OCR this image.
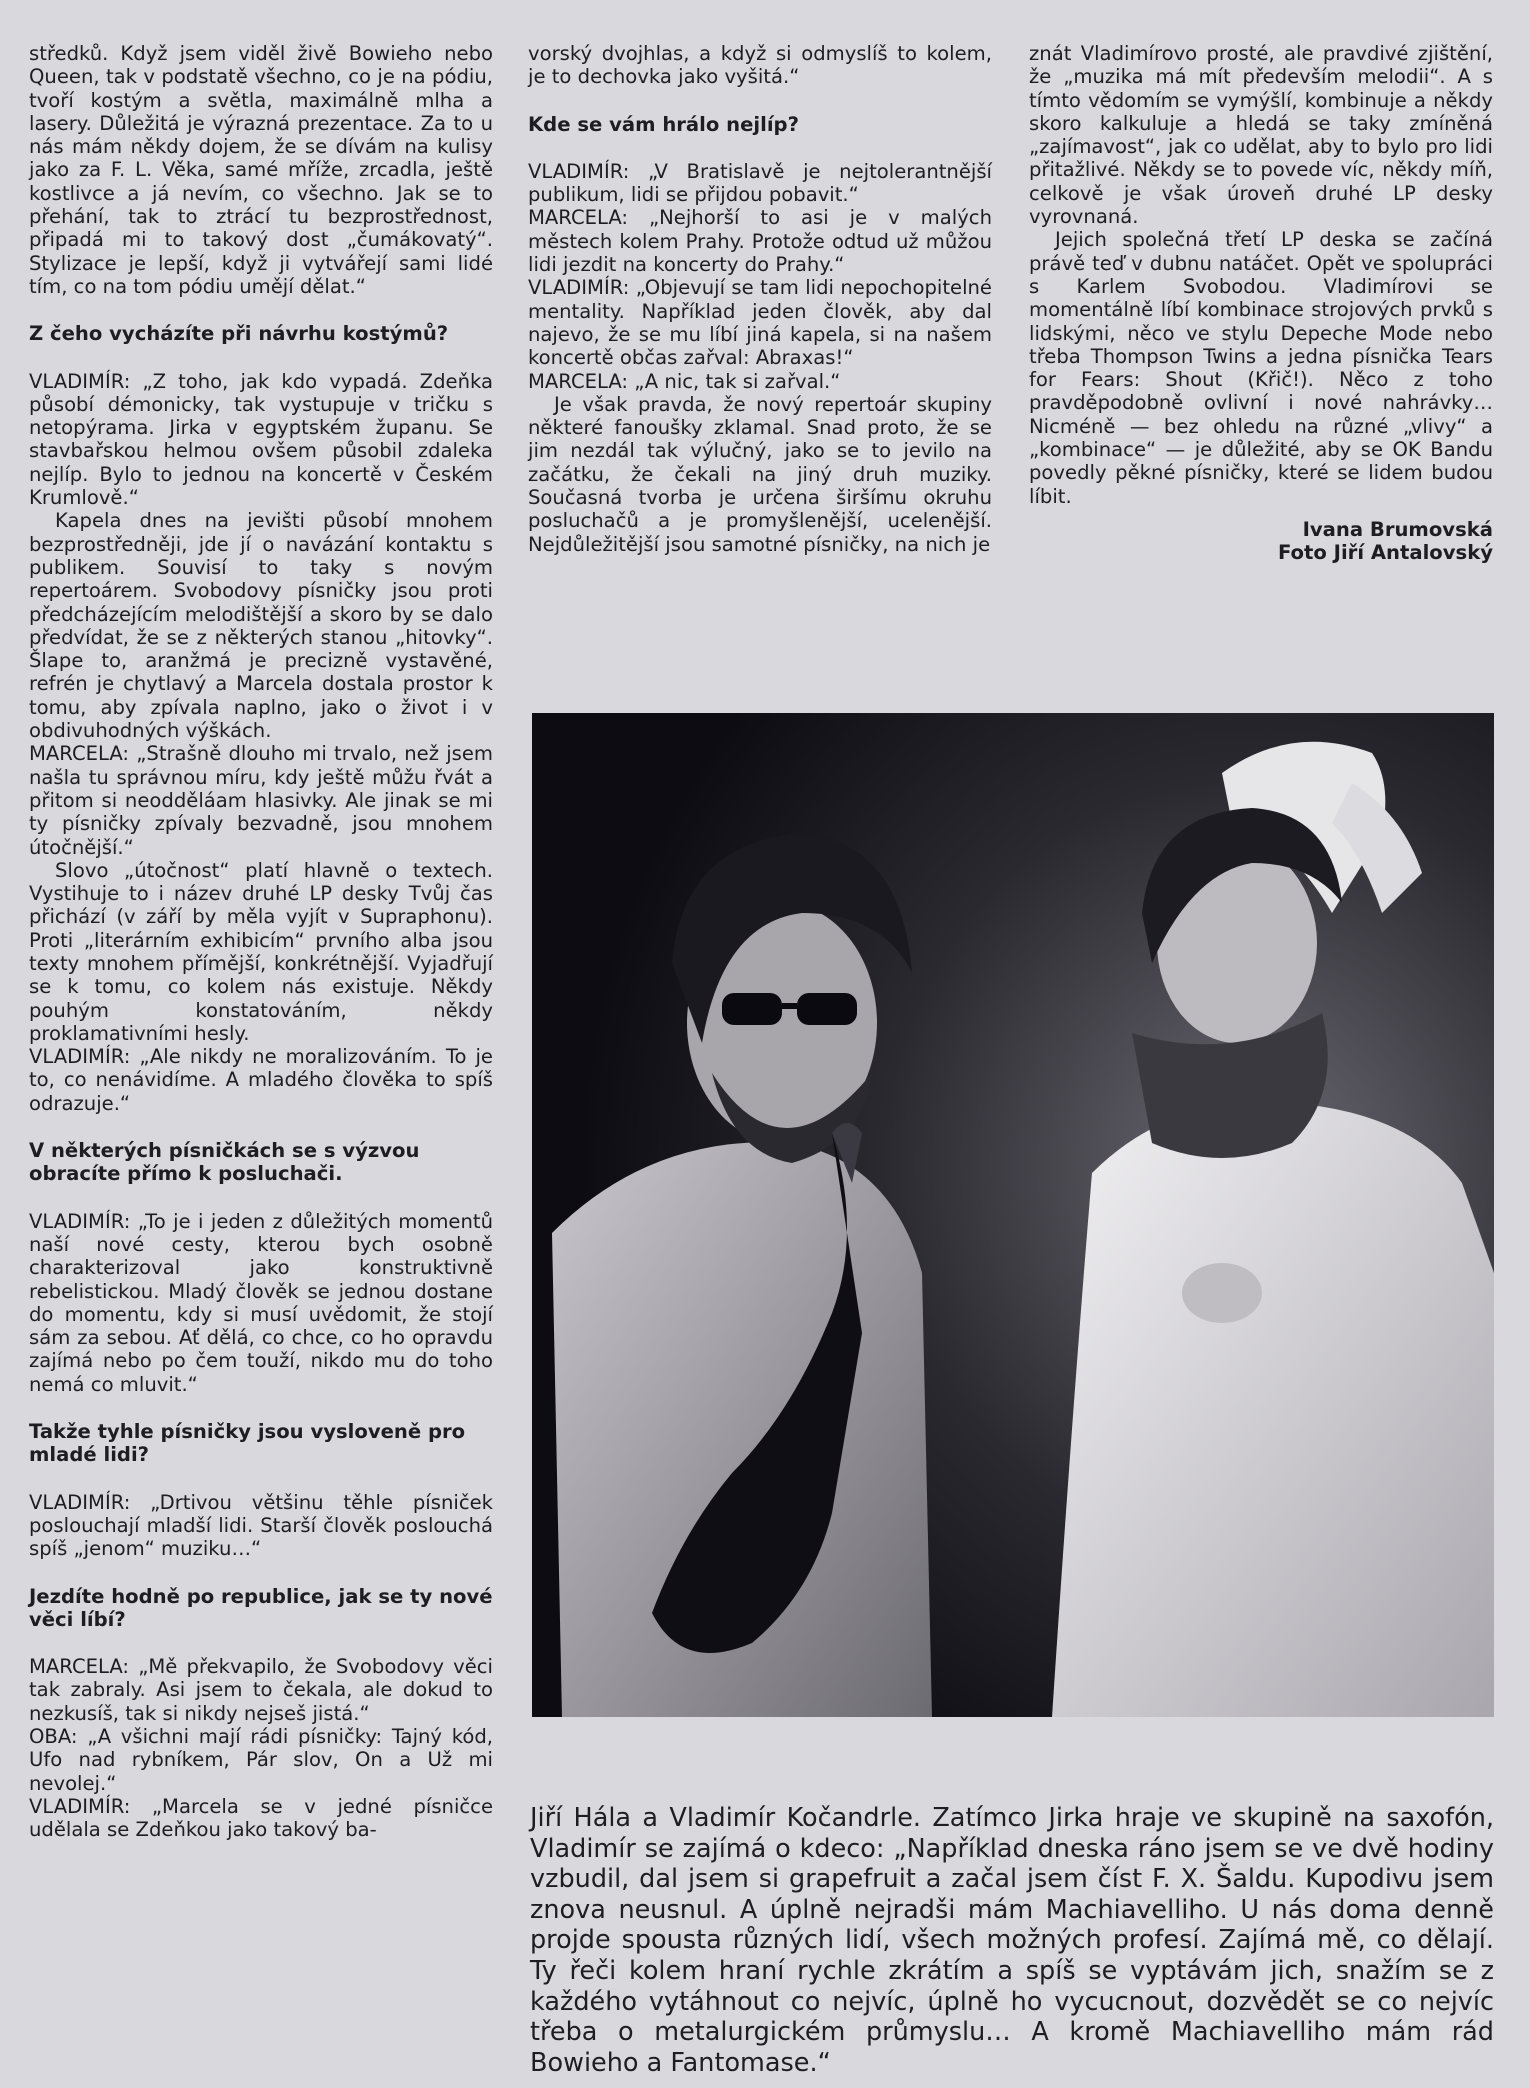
středků. Když jsem viděl živě Bowieho nebo Queen, tak v podstatě všechno, co je na pódiu, tvoří kostým a světla, maximálně mlha a lasery. Důležitá je výrazná prezentace. Za to u nás mám někdy dojem, že se dívám na kulisy jako za F. L. Věka, samé mříže, zrcadla, ještě kostlivce a já nevím, co všechno. Jak se to přehání, tak to ztrácí tu bezprostřednost, připadá mi to takový dost „čumákovatý“. Stylizace je lepší, když ji vytvářejí sami lidé tím, co na tom pódiu umějí dělat.“

Z čeho vycházíte při návrhu kostýmů?

VLADIMÍR: „Z toho, jak kdo vypadá. Zdeňka působí démonicky, tak vystupuje v tričku s netopýrama. Jirka v egyptském županu. Se stavbařskou helmou ovšem působil zdaleka nejlíp. Bylo to jednou na koncertě v Českém Krumlově.“

Kapela dnes na jevišti působí mnohem bezprostředněji, jde jí o navázání kontaktu s publikem. Souvisí to taky s novým repertoárem. Svobodovy písničky jsou proti předcházejícím melodištější a skoro by se dalo předvídat, že se z některých stanou „hitovky“. Šlape to, aranžmá je precizně vystavěné, refrén je chytlavý a Marcela dostala prostor k tomu, aby zpívala naplno, jako o život i v obdivuhodných výškách.

MARCELA: „Strašně dlouho mi trvalo, než jsem našla tu správnou míru, kdy ještě můžu řvát a přitom si neodděláam hlasivky. Ale jinak se mi ty písničky zpívaly bezvadně, jsou mnohem útočnější.“

Slovo „útočnost“ platí hlavně o textech. Vystihuje to i název druhé LP desky Tvůj čas přichází (v září by měla vyjít v Supraphonu). Proti „literárním exhibicím“ prvního alba jsou texty mnohem přímější, konkrétnější. Vyjadřují se k tomu, co kolem nás existuje. Někdy pouhým konstatováním, někdy proklamativními hesly.

VLADIMÍR: „Ale nikdy ne moralizováním. To je to, co nenávidíme. A mladého člověka to spíš odrazuje.“

V některých písničkách se s výzvou obracíte přímo k posluchači.

VLADIMÍR: „To je i jeden z důležitých momentů naší nové cesty, kterou bych osobně charakterizoval jako konstruktivně rebelistickou. Mladý člověk se jednou dostane do momentu, kdy si musí uvědomit, že stojí sám za sebou. Ať dělá, co chce, co ho opravdu zajímá nebo po čem touží, nikdo mu do toho nemá co mluvit.“

Takže tyhle písničky jsou vysloveně pro mladé lidi?

VLADIMÍR: „Drtivou většinu těhle písniček poslouchají mladší lidi. Starší člověk poslouchá spíš „jenom“ muziku…“

Jezdíte hodně po republice, jak se ty nové věci líbí?

MARCELA: „Mě překvapilo, že Svobodovy věci tak zabraly. Asi jsem to čekala, ale dokud to nezkusíš, tak si nikdy nejseš jistá.“

OBA: „A všichni mají rádi písničky: Tajný kód, Ufo nad rybníkem, Pár slov, On a Už mi nevolej.“

VLADIMÍR: „Marcela se v jedné písničce udělala se Zdeňkou jako takový ba-

vorský dvojhlas, a když si odmyslíš to kolem, je to dechovka jako vyšitá.“

Kde se vám hrálo nejlíp?

VLADIMÍR: „V Bratislavě je nejtolerantnější publikum, lidi se přijdou pobavit.“

MARCELA: „Nejhorší to asi je v malých městech kolem Prahy. Protože odtud už můžou lidi jezdit na koncerty do Prahy.“

VLADIMÍR: „Objevují se tam lidi nepochopitelné mentality. Například jeden člověk, aby dal najevo, že se mu líbí jiná kapela, si na našem koncertě občas zařval: Abraxas!“

MARCELA: „A nic, tak si zařval.“

Je však pravda, že nový repertoár skupiny některé fanoušky zklamal. Snad proto, že se jim nezdál tak výlučný, jako se to jevilo na začátku, že čekali na jiný druh muziky. Současná tvorba je určena širšímu okruhu posluchačů a je promyšlenější, ucelenější. Nejdůležitější jsou samotné písničky, na nich je

znát Vladimírovo prosté, ale pravdivé zjištění, že „muzika má mít především melodii“. A s tímto vědomím se vymýšlí, kombinuje a někdy skoro kalkuluje a hledá se taky zmíněná „zajímavost“, jak co udělat, aby to bylo pro lidi přitažlivé. Někdy se to povede víc, někdy míň, celkově je však úroveň druhé LP desky vyrovnaná.

Jejich společná třetí LP deska se začíná právě teď v dubnu natáčet. Opět ve spolupráci s Karlem Svobodou. Vladimírovi se momentálně líbí kombinace strojových prvků s lidskými, něco ve stylu Depeche Mode nebo třeba Thompson Twins a jedna písnička Tears for Fears: Shout (Křič!). Něco z toho pravděpodobně ovlivní i nové nahrávky… Nicméně — bez ohledu na různé „vlivy“ a „kombinace“ — je důležité, aby se OK Bandu povedly pěkné písničky, které se lidem budou líbit.

Ivana Brumovská

Foto Jiří Antalovský

Jiří Hála a Vladimír Kočandrle. Zatímco Jirka hraje ve skupině na saxofón, Vladimír se zajímá o kdeco: „Například dneska ráno jsem se ve dvě hodiny vzbudil, dal jsem si grapefruit a začal jsem číst F. X. Šaldu. Kupodivu jsem znova neusnul. A úplně nejradši mám Machiavelliho. U nás doma denně projde spousta různých lidí, všech možných profesí. Zajímá mě, co dělají. Ty řeči kolem hraní rychle zkrátím a spíš se vyptávám jich, snažím se z každého vytáhnout co nejvíc, úplně ho vycucnout, dozvědět se co nejvíc třeba o metalurgickém průmyslu… A kromě Machiavelliho mám rád Bowieho a Fantomase.“
